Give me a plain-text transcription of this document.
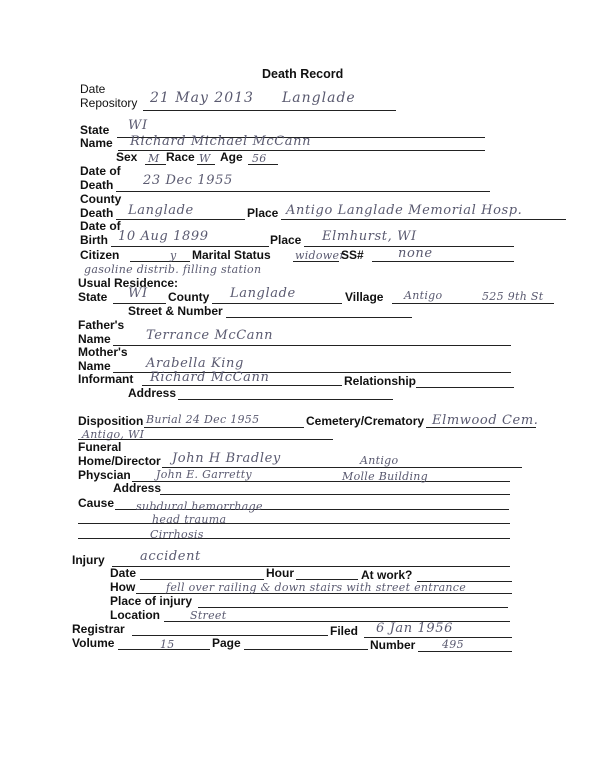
Death Record
Date
Repository 21 May 2013 Langlade
State WI
Name Richard Michael McCann
Sex M Race W Age 56
Date of
Death 23 Dec 1955
County
Death Langlade	Place Antigo Langlade Memorial Hosp.
Date of
Birth 10 Aug 1899	Place Elmhurst, WI
Citizen	y Marital Status widower
SS#	none
gasoline distrib. filling station
Usual Residence:
State WI County Langlade	Village Antigo	525 9th St
Street & Number
Father's
Name	Terrance McCann
Mother's
Name	Arabella King
Informant Richard McCann	Relationship
Address
Disposition Burial 24 Dec 1955	Cemetery/Crematory Elmwood Cem.
Antigo, WI
Funeral
Home/Director John H Bradley	Antigo
Physcian John E. Garretty	Molle Building
Address
Cause subdural hemorrhage
head trauma
Cirrhosis
Injury	accident
Date	Hour	At work?
How	fell over railing & down stairs with street entrance
Place of injury
Location	Street
Registrar	Filed 6 Jan 1956
Volume	15	Page	Number 495
